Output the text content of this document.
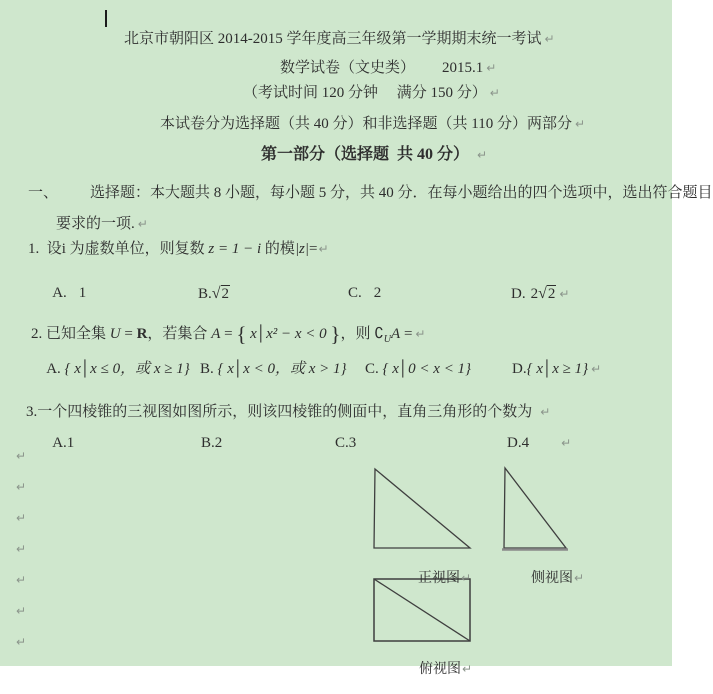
北京市朝阳区 2014-2015 学年度高三年级第一学期期末统一考试 ↵

数学试卷（文史类）
	2015.1 ↵

（考试时间 120 分钟　 满分 150 分） ↵

本试卷分为选择题（共 40 分）和非选择题（共 110 分）两部分 ↵

第一部分（选择题  共 40 分） ↵

一、
	选择题：本大题共 8 小题，每小题 5 分，共 40 分．在每小题给出的四个选项中，选出符合题目

要求的一项. ↵

1.  设i 为虚数单位，则复数 z = 1 − i 的模|z|=↵

A. 1
	B.√2
	C. 2
	D. 2√2 ↵

2. 已知全集 U = R，若集合 A = { x│x² − x < 0 }，则 $∁_UA$ = ↵

A. { x│x ≤ 0，或 x ≥ 1}
B. { x│x < 0，或 x > 1}
	C. { x│0 < x < 1}
	D.{ x│x ≥ 1} ↵

3.一个四棱锥的三视图如图所示，则该四棱锥的侧面中，直角三角形的个数为 ↵

A.1
	B.2
	C.3
	D.4	↵

↵
↵
↵
↵
↵
↵
↵

正视图↵
	侧视图↵

俯视图↵
